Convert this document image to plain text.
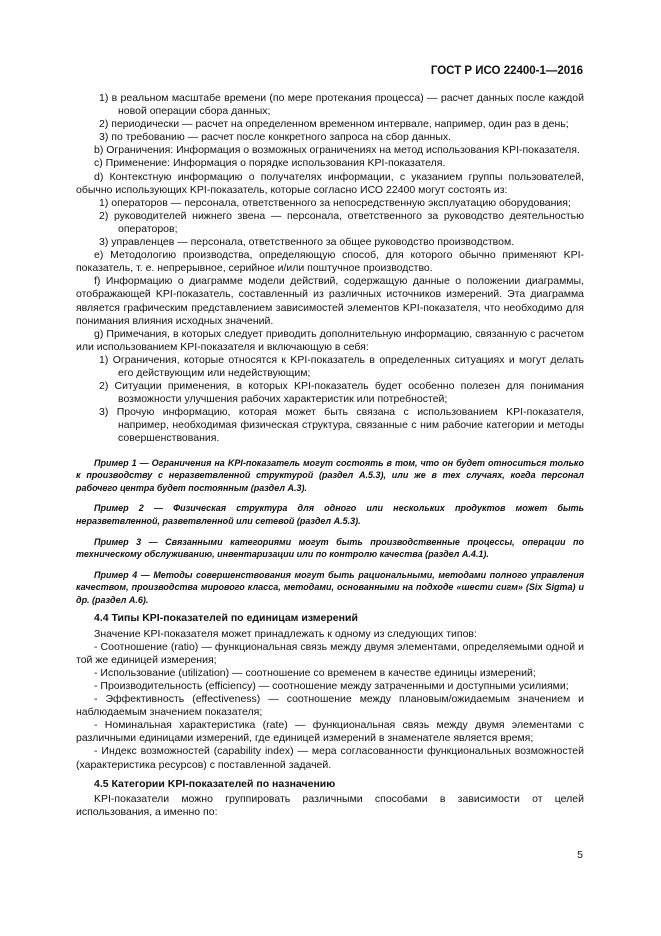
ГОСТ Р ИСО 22400-1—2016

1) в реальном масштабе времени (по мере протекания процесса) — расчет данных после каждой новой операции сбора данных;

2) периодически — расчет на определенном временном интервале, например, один раз в день;

3) по требованию — расчет после конкретного запроса на сбор данных.

b) Ограничения: Информация о возможных ограничениях на метод использования KPI-показателя.

c) Применение: Информация о порядке использования KPI-показателя.

d) Контекстную информацию о получателях информации, с указанием группы пользователей, обычно использующих KPI-показатель, которые согласно ИСО 22400 могут состоять из:

1) операторов — персонала, ответственного за непосредственную эксплуатацию оборудования;

2) руководителей нижнего звена — персонала, ответственного за руководство деятельностью операторов;

3) управленцев — персонала, ответственного за общее руководство производством.

e) Методологию производства, определяющую способ, для которого обычно применяют KPI-показатель, т. е. непрерывное, серийное и/или поштучное производство.

f) Информацию о диаграмме модели действий, содержащую данные о положении диаграммы, отображающей KPI-показатель, составленный из различных источников измерений. Эта диаграмма является графическим представлением зависимостей элементов KPI-показателя, что необходимо для понимания влияния исходных значений.

g) Примечания, в которых следует приводить дополнительную информацию, связанную с расчетом или использованием KPI-показателя и включающую в себя:

1) Ограничения, которые относятся к KPI-показатель в определенных ситуациях и могут делать его действующим или недействующим;

2) Ситуации применения, в которых KPI-показатель будет особенно полезен для понимания возможности улучшения рабочих характеристик или потребностей;

3) Прочую информацию, которая может быть связана с использованием KPI-показателя, например, необходимая физическая структура, связанные с ним рабочие категории и методы совершенствования.

Пример 1 — Ограничения на KPI-показатель могут состоять в том, что он будет относиться только к производству с неразветвленной структурой (раздел А.5.3), или же в тех случаях, когда персонал рабочего центра будет постоянным (раздел А.3).

Пример 2 — Физическая структура для одного или нескольких продуктов может быть неразветвленной, разветвленной или сетевой (раздел А.5.3).

Пример 3 — Связанными категориями могут быть производственные процессы, операции по техническому обслуживанию, инвентаризации или по контролю качества (раздел А.4.1).

Пример 4 — Методы совершенствования могут быть рациональными, методами полного управления качеством, производства мирового класса, методами, основанными на подходе «шести сигм» (Six Sigma) и др. (раздел А.6).

4.4 Типы KPI-показателей по единицам измерений

Значение KPI-показателя может принадлежать к одному из следующих типов:

- Соотношение (ratio) — функциональная связь между двумя элементами, определяемыми одной и той же единицей измерения;

- Использование (utilization) — соотношение со временем в качестве единицы измерений;

- Производительность (efficiency) — соотношение между затраченными и доступными усилиями;

- Эффективность (effectiveness) — соотношение между плановым/ожидаемым значением и наблюдаемым значением показателя;

- Номинальная характеристика (rate) — функциональная связь между двумя элементами с различными единицами измерений, где единицей измерений в знаменателе является время;

- Индекс возможностей (capability index) — мера согласованности функциональных возможностей (характеристика ресурсов) с поставленной задачей.

4.5 Категории KPI-показателей по назначению

KPI-показатели можно группировать различными способами в зависимости от целей использования, а именно по:

5
